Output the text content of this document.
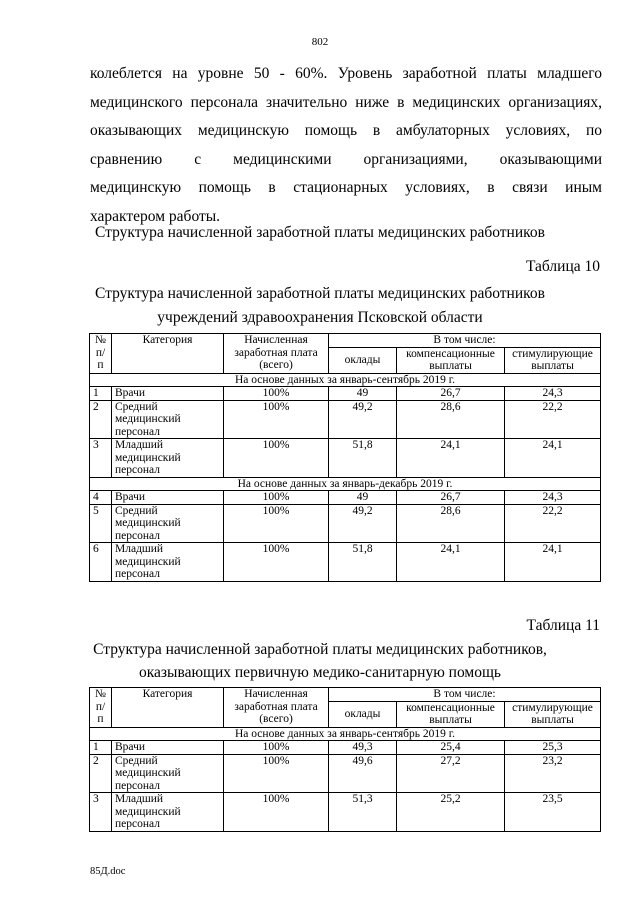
802
колеблется на уровне 50 - 60%. Уровень заработной платы младшего
медицинского персонала значительно ниже в медицинских организациях,
оказывающих медицинскую помощь в амбулаторных условиях, по
сравнению с медицинскими организациями, оказывающими
медицинскую помощь в стационарных условиях, в связи иным
характером работы.
Структура начисленной заработной платы медицинских работников
Таблица 10
Структура начисленной заработной платы медицинских работников
учреждений здравоохранения Псковской области
№ п/п	Категория	Начисленная заработная плата (всего)	В том числе:		
			оклады	компенсационные выплаты	стимулирующие выплаты
На основе данных за январь-сентябрь 2019 г.					
1	Врачи	100%	49	26,7	24,3
2	Средний медицинский персонал	100%	49,2	28,6	22,2
3	Младший медицинский персонал	100%	51,8	24,1	24,1
На основе данных за январь-декабрь 2019 г.					
4	Врачи	100%	49	26,7	24,3
5	Средний медицинский персонал	100%	49,2	28,6	22,2
6	Младший медицинский персонал	100%	51,8	24,1	24,1
Таблица 11
Структура начисленной заработной платы медицинских работников,
оказывающих первичную медико-санитарную помощь
№ п/п	Категория	Начисленная заработная плата (всего)	В том числе:		
			оклады	компенсационные выплаты	стимулирующие выплаты
На основе данных за январь-сентябрь 2019 г.					
1	Врачи	100%	49,3	25,4	25,3
2	Средний медицинский персонал	100%	49,6	27,2	23,2
3	Младший медицинский персонал	100%	51,3	25,2	23,5
85Д.doc
